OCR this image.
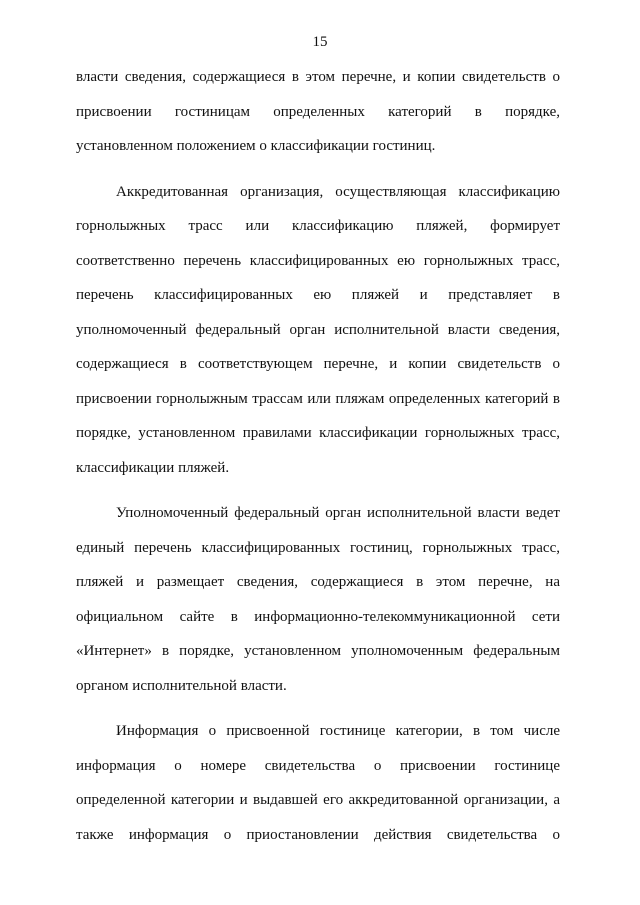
15

власти сведения, содержащиеся в этом перечне, и копии свидетельств о
присвоении гостиницам определенных категорий в порядке,
установленном положением о классификации гостиниц.

Аккредитованная организация, осуществляющая классификацию
горнолыжных трасс или классификацию пляжей, формирует
соответственно перечень классифицированных ею горнолыжных трасс,
перечень классифицированных ею пляжей и представляет в
уполномоченный федеральный орган исполнительной власти сведения,
содержащиеся в соответствующем перечне, и копии свидетельств о
присвоении горнолыжным трассам или пляжам определенных категорий в
порядке, установленном правилами классификации горнолыжных трасс,
классификации пляжей.

Уполномоченный федеральный орган исполнительной власти ведет
единый перечень классифицированных гостиниц, горнолыжных трасс,
пляжей и размещает сведения, содержащиеся в этом перечне, на
официальном сайте в информационно-телекоммуникационной сети
«Интернет» в порядке, установленном уполномоченным федеральным
органом исполнительной власти.

Информация о присвоенной гостинице категории, в том числе
информация о номере свидетельства о присвоении гостинице
определенной категории и выдавшей его аккредитованной организации, а
также информация о приостановлении действия свидетельства о
